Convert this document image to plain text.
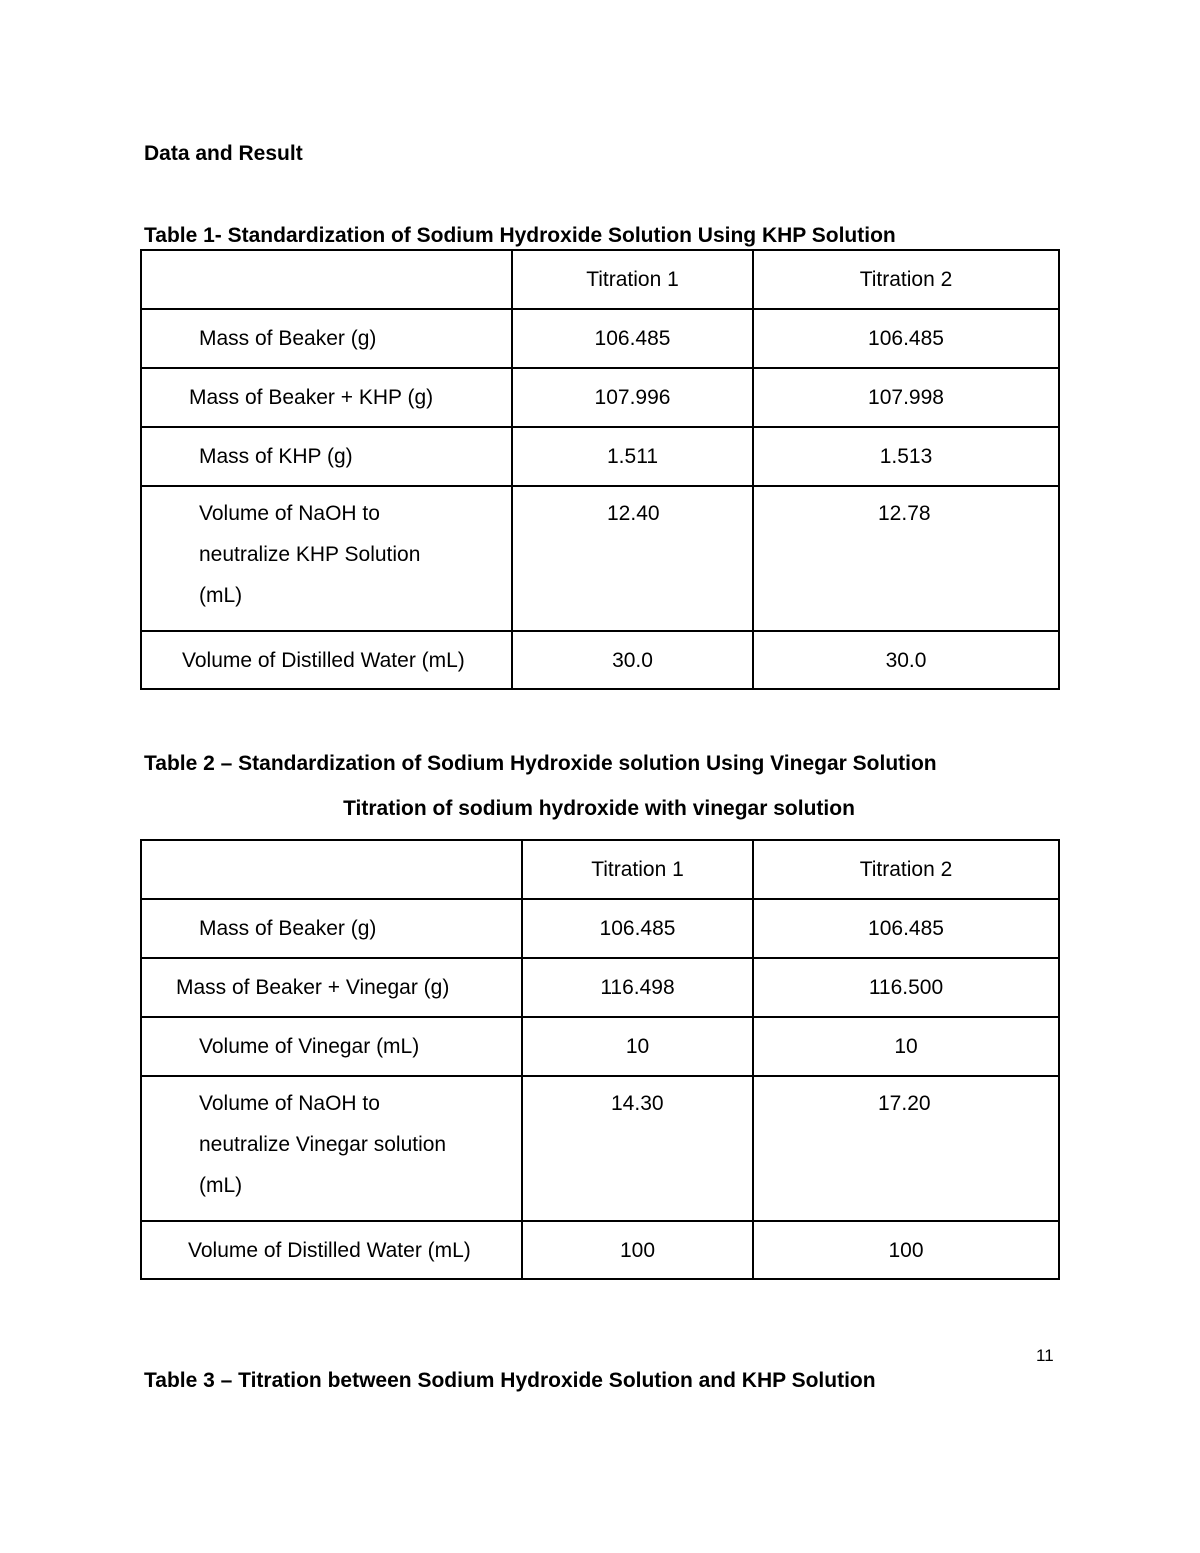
Data and Result
Table 1- Standardization of Sodium Hydroxide Solution Using KHP Solution
	Titration 1	Titration 2
Mass of Beaker (g)	106.485	106.485
Mass of Beaker + KHP (g)	107.996	107.998
Mass of KHP (g)	1.511	1.513

Volume of NaOH to
neutralize KHP Solution
(mL)	12.40	12.78
Volume of Distilled Water (mL)	30.0	30.0
Table 2 – Standardization of Sodium Hydroxide solution Using Vinegar Solution
Titration of sodium hydroxide with vinegar solution
	Titration 1	Titration 2
Mass of Beaker (g)	106.485	106.485
Mass of Beaker + Vinegar (g)	116.498	116.500
Volume of Vinegar (mL)	10	10

Volume of NaOH to
neutralize Vinegar solution
(mL)	14.30	17.20
Volume of Distilled Water (mL)	100	100
11
Table 3 – Titration between Sodium Hydroxide Solution and KHP Solution
